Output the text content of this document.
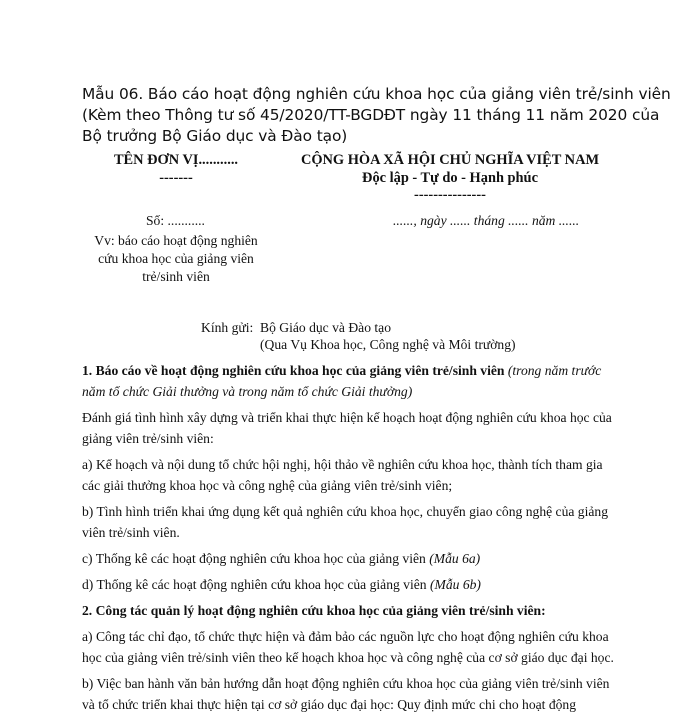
Mẫu 06. Báo cáo hoạt động nghiên cứu khoa học của giảng viên trẻ/sinh viên
(Kèm theo Thông tư số 45/2020/TT-BGDĐT ngày 11 tháng 11 năm 2020 của
Bộ trưởng Bộ Giáo dục và Đào tạo)
TÊN ĐƠN VỊ...........
-------
CỘNG HÒA XÃ HỘI CHỦ NGHĨA VIỆT NAM
Độc lập - Tự do - Hạnh phúc
---------------
Số: ...........
Vv: báo cáo hoạt động nghiên
cứu khoa học của giảng viên
trẻ/sinh viên
......, ngày ...... tháng ...... năm ......
Kính gửi: Bộ Giáo dục và Đào tạo
(Qua Vụ Khoa học, Công nghệ và Môi trường)

1. Báo cáo về hoạt động nghiên cứu khoa học của giảng viên trẻ/sinh viên (trong năm trước năm tổ chức Giải thưởng và trong năm tổ chức Giải thưởng)

Đánh giá tình hình xây dựng và triển khai thực hiện kế hoạch hoạt động nghiên cứu khoa học của giảng viên trẻ/sinh viên:

a) Kế hoạch và nội dung tổ chức hội nghị, hội thảo về nghiên cứu khoa học, thành tích tham gia các giải thưởng khoa học và công nghệ của giảng viên trẻ/sinh viên;

b) Tình hình triển khai ứng dụng kết quả nghiên cứu khoa học, chuyển giao công nghệ của giảng viên trẻ/sinh viên.

c) Thống kê các hoạt động nghiên cứu khoa học của giảng viên (Mẫu 6a)

d) Thống kê các hoạt động nghiên cứu khoa học của giảng viên (Mẫu 6b)

2. Công tác quản lý hoạt động nghiên cứu khoa học của giảng viên trẻ/sinh viên:

a) Công tác chỉ đạo, tổ chức thực hiện và đảm bảo các nguồn lực cho hoạt động nghiên cứu khoa học của giảng viên trẻ/sinh viên theo kế hoạch khoa học và công nghệ của cơ sở giáo dục đại học.

b) Việc ban hành văn bản hướng dẫn hoạt động nghiên cứu khoa học của giảng viên trẻ/sinh viên và tổ chức triển khai thực hiện tại cơ sở giáo dục đại học: Quy định mức chi cho hoạt động
